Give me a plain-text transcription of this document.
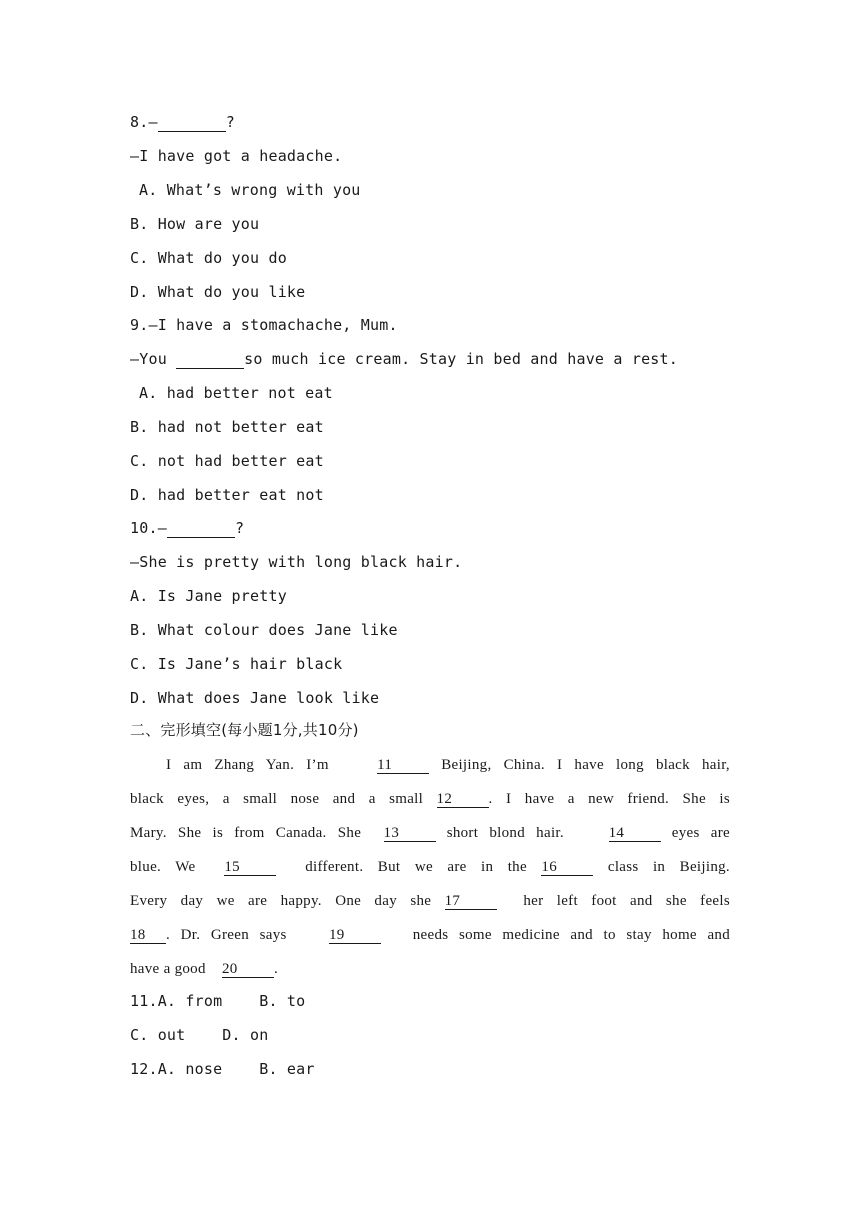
8.—	?
—I have got a headache.
A. What’s wrong with you
B. How are you
C. What do you do
D. What do you like
9.—I have a stomachache, Mum.
—You	so much ice cream. Stay in bed and have a rest.
A. had better not eat
B. had not better eat
C. not had better eat
D. had better eat not
10.—	?
—She is pretty with long black hair.
A. Is Jane pretty
B. What colour does Jane like
C. Is Jane’s hair black
D. What does Jane look like
二、完形填空(每小题1分,共10分)
I am Zhang Yan. I’m	11	Beijing, China. I have long black hair,
black eyes, a small nose and a small 12 . I have a new friend. She is
Mary. She is from Canada. She 13	short blond hair.	14	eyes are
blue. We 15	different. But we are in the 16	class in Beijing.
Every day we are happy. One day she 17	her left foot and she feels
18 . Dr. Green says	19	needs some medicine and to stay home and
have a good 20 .
11.A. from    B. to
C. out    D. on
12.A. nose    B. ear
